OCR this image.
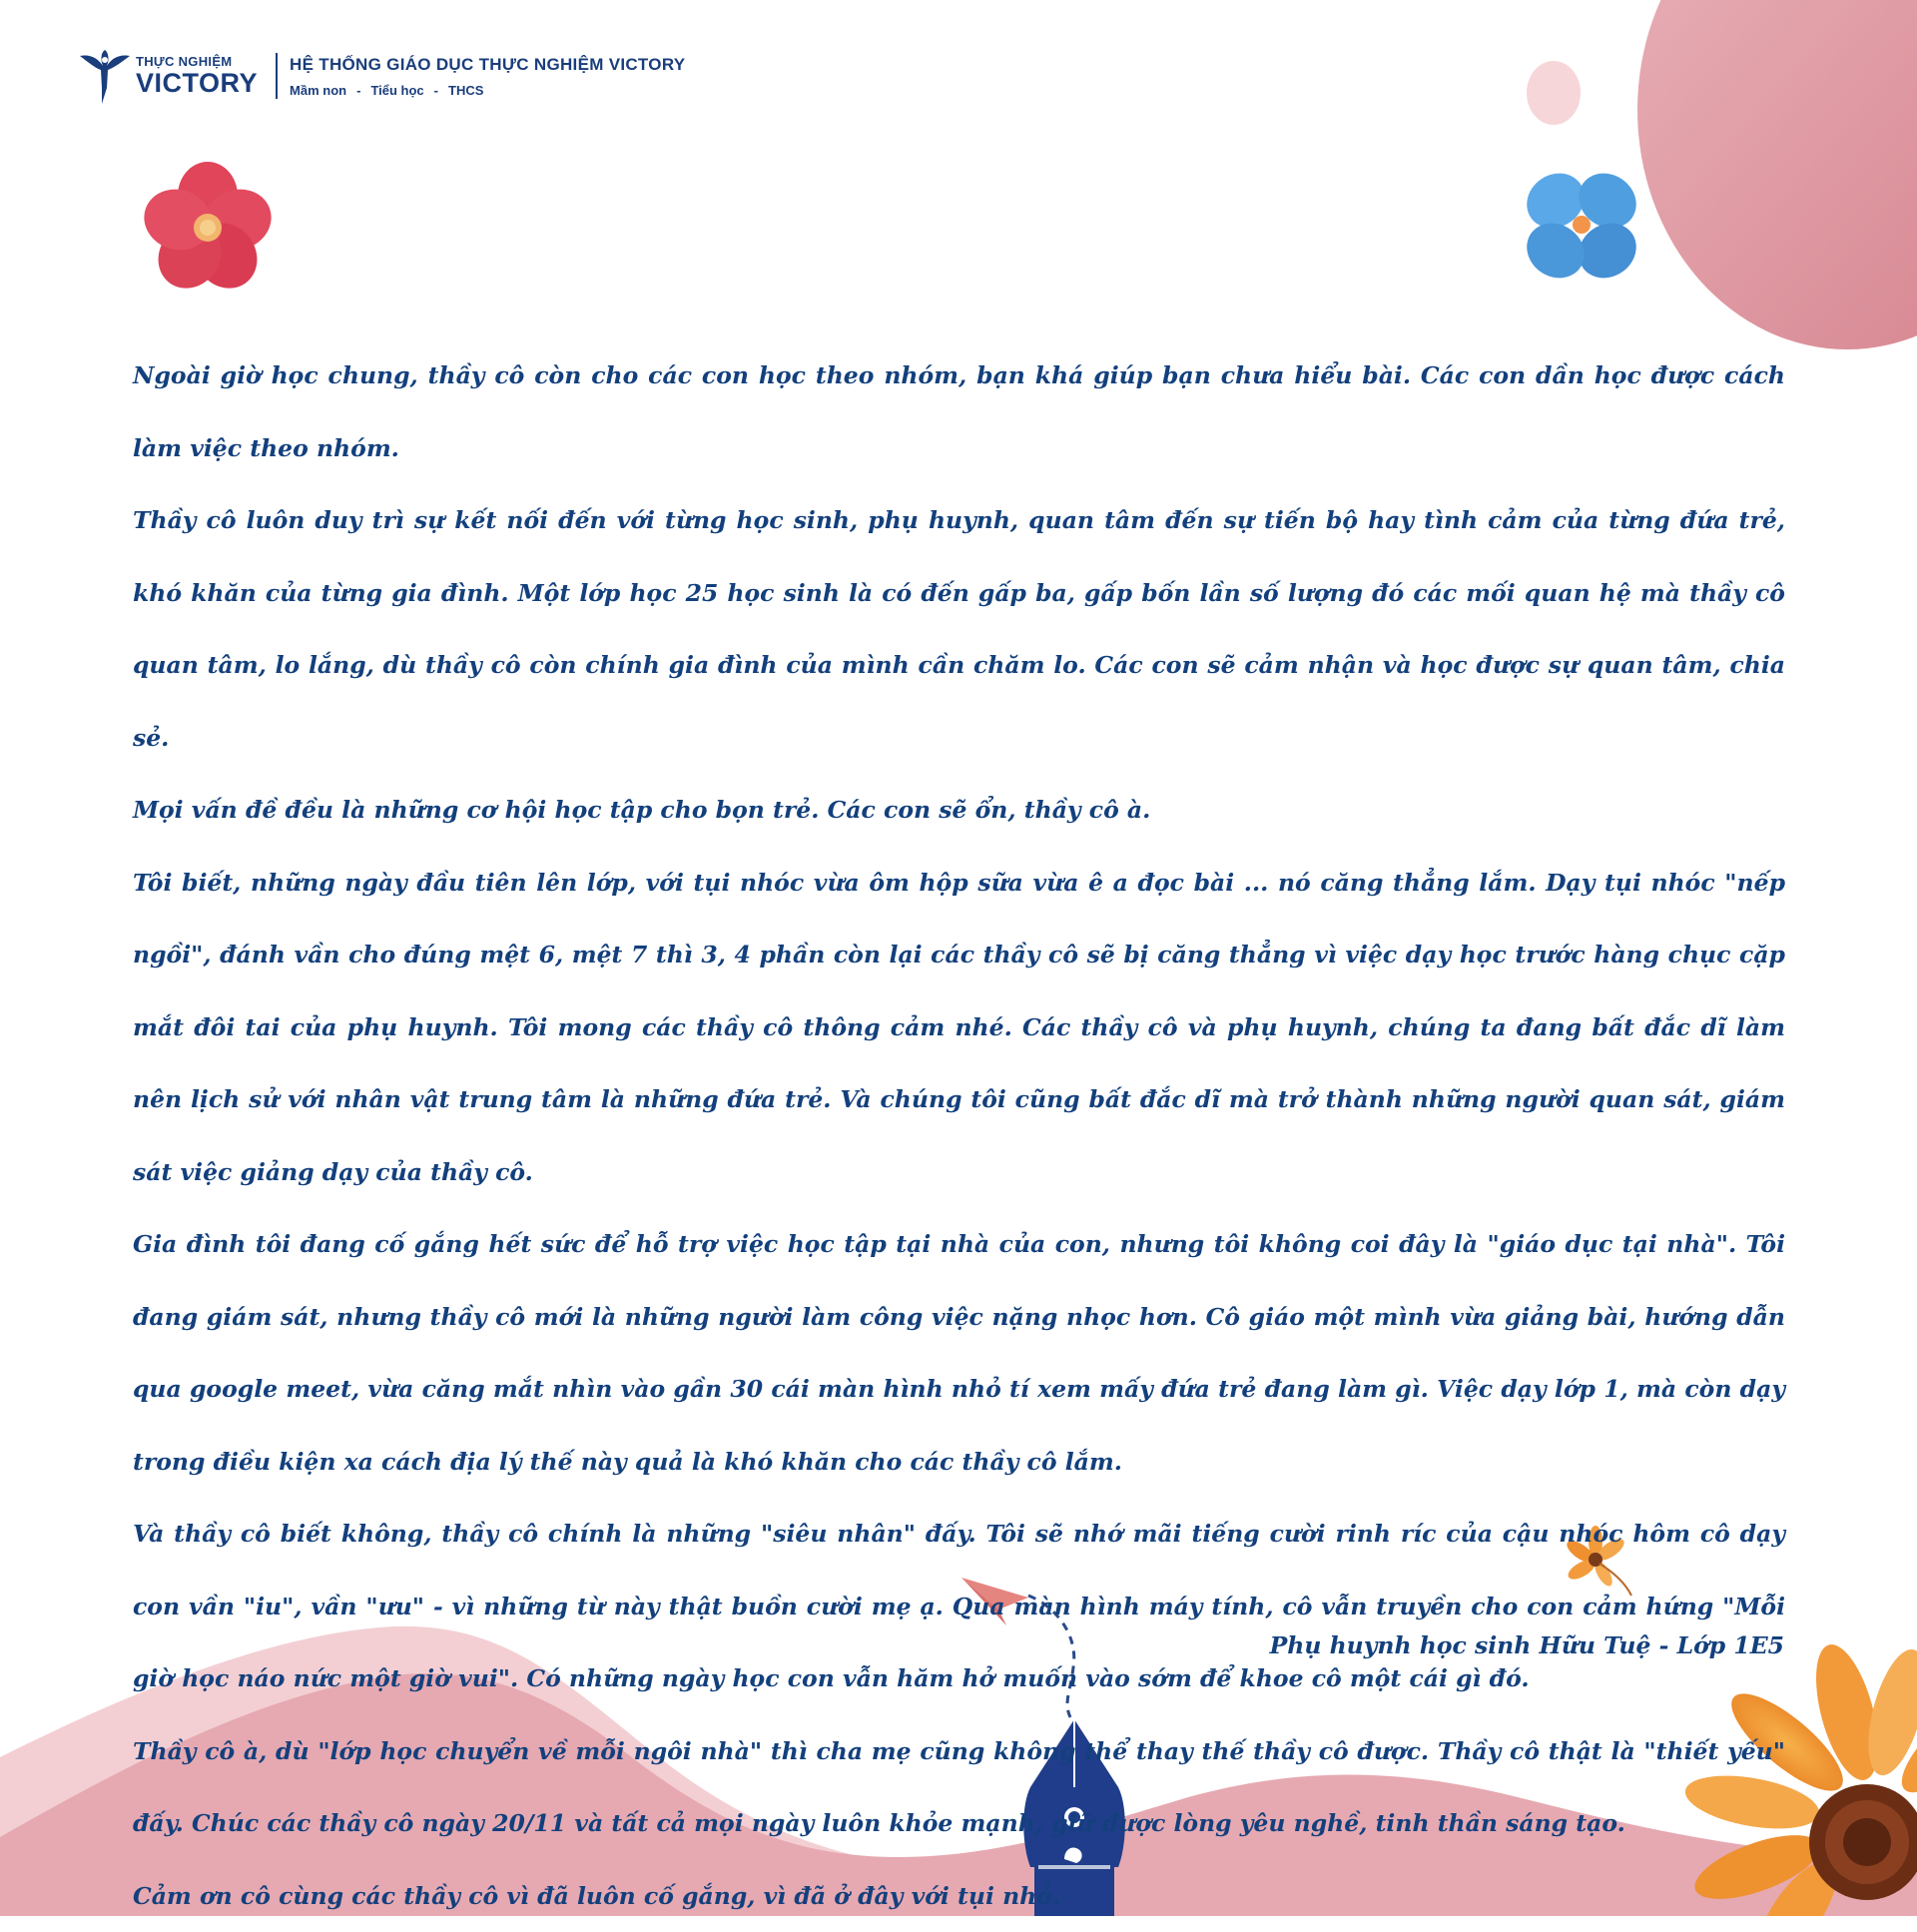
THỰC NGHIỆM
VICTORY
HỆ THỐNG GIÁO DỤC THỰC NGHIỆM VICTORY
Mầm non - Tiểu học - THCS

Ngoài giờ học chung, thầy cô còn cho các con học theo nhóm, bạn khá giúp bạn chưa hiểu bài. Các con dần học được cách làm việc theo nhóm.

Thầy cô luôn duy trì sự kết nối đến với từng học sinh, phụ huynh, quan tâm đến sự tiến bộ hay tình cảm của từng đứa trẻ, khó khăn của từng gia đình. Một lớp học 25 học sinh là có đến gấp ba, gấp bốn lần số lượng đó các mối quan hệ mà thầy cô quan tâm, lo lắng, dù thầy cô còn chính gia đình của mình cần chăm lo. Các con sẽ cảm nhận và học được sự quan tâm, chia sẻ.

Mọi vấn đề đều là những cơ hội học tập cho bọn trẻ. Các con sẽ ổn, thầy cô à.

Tôi biết, những ngày đầu tiên lên lớp, với tụi nhóc vừa ôm hộp sữa vừa ê a đọc bài ... nó căng thẳng lắm. Dạy tụi nhóc "nếp ngồi", đánh vần cho đúng mệt 6, mệt 7 thì 3, 4 phần còn lại các thầy cô sẽ bị căng thẳng vì việc dạy học trước hàng chục cặp mắt đôi tai của phụ huynh. Tôi mong các thầy cô thông cảm nhé. Các thầy cô và phụ huynh, chúng ta đang bất đắc dĩ làm nên lịch sử với nhân vật trung tâm là những đứa trẻ. Và chúng tôi cũng bất đắc dĩ mà trở thành những người quan sát, giám sát việc giảng dạy của thầy cô.

Gia đình tôi đang cố gắng hết sức để hỗ trợ việc học tập tại nhà của con, nhưng tôi không coi đây là "giáo dục tại nhà". Tôi đang giám sát, nhưng thầy cô mới là những người làm công việc nặng nhọc hơn. Cô giáo một mình vừa giảng bài, hướng dẫn qua google meet, vừa căng mắt nhìn vào gần 30 cái màn hình nhỏ tí xem mấy đứa trẻ đang làm gì. Việc dạy lớp 1, mà còn dạy trong điều kiện xa cách địa lý thế này quả là khó khăn cho các thầy cô lắm.

Và thầy cô biết không, thầy cô chính là những "siêu nhân" đấy. Tôi sẽ nhớ mãi tiếng cười rinh ríc của cậu nhóc hôm cô dạy con vần "iu", vần "ưu" - vì những từ này thật buồn cười mẹ ạ. Qua màn hình máy tính, cô vẫn truyền cho con cảm hứng "Mỗi giờ học náo nức một giờ vui". Có những ngày học con vẫn hăm hở muốn vào sớm để khoe cô một cái gì đó.

Thầy cô à, dù "lớp học chuyển về mỗi ngôi nhà" thì cha mẹ cũng không thể thay thế thầy cô được. Thầy cô thật là "thiết yếu" đấy. Chúc các thầy cô ngày 20/11 và tất cả mọi ngày luôn khỏe mạnh, giữ được lòng yêu nghề, tinh thần sáng tạo.

Cảm ơn cô cùng các thầy cô vì đã luôn cố gắng, vì đã ở đây với tụi nhỏ.

Phụ huynh học sinh Hữu Tuệ - Lớp 1E5
